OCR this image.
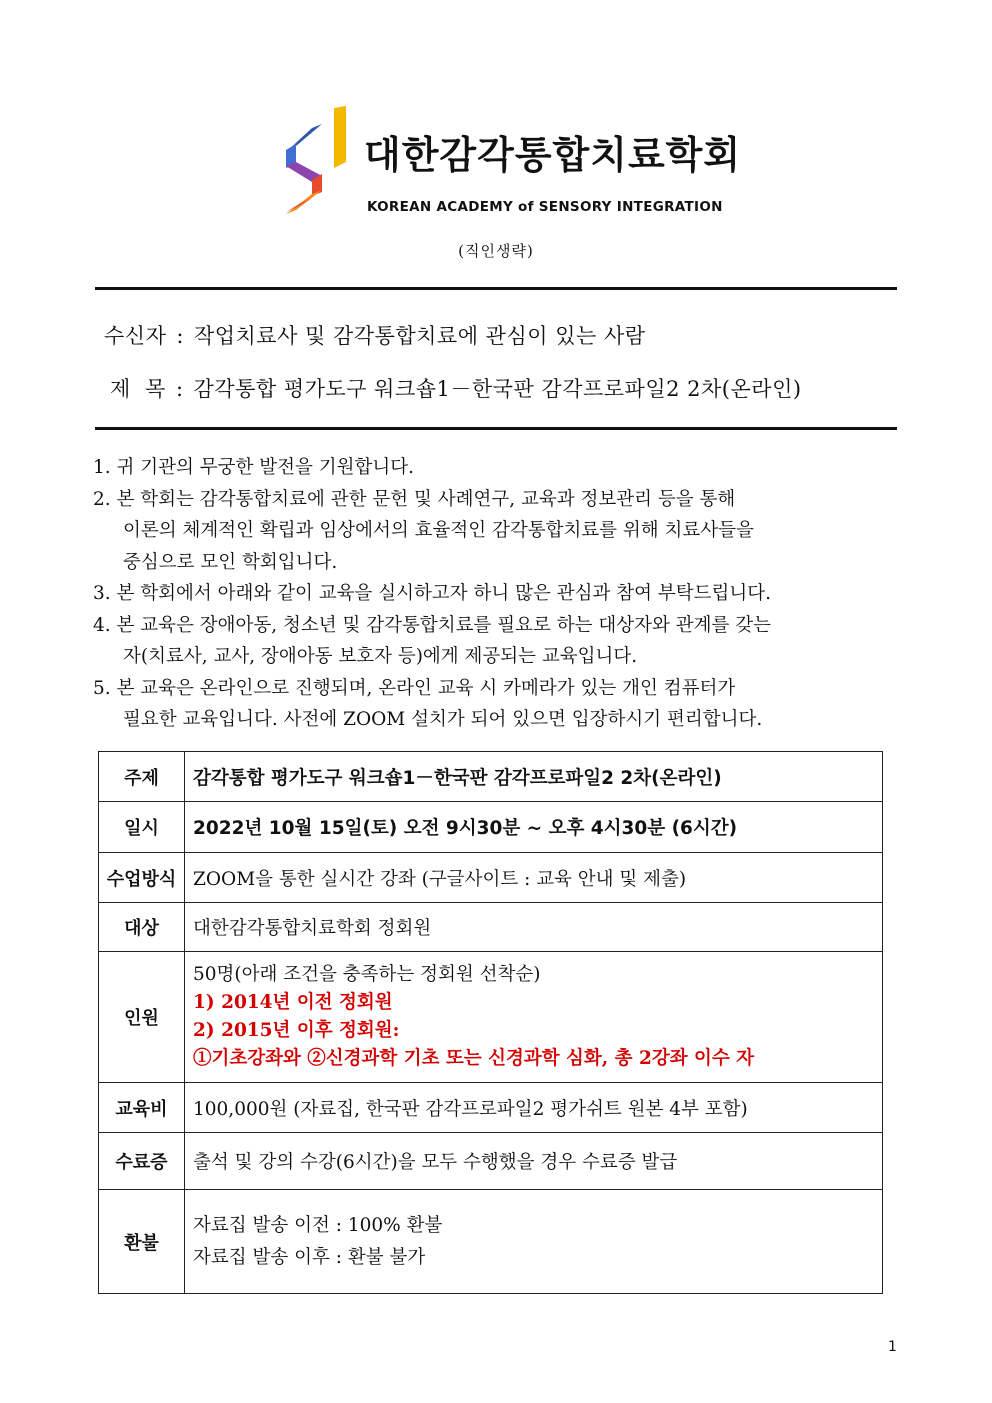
대한감각통합치료학회
KOREAN ACADEMY of SENSORY INTEGRATION
(직인생략)
수신자 : 작업치료사 및 감각통합치료에 관심이 있는 사람
제  목 : 감각통합 평가도구 워크숍1－한국판 감각프로파일2 2차(온라인)
1. 귀 기관의 무궁한 발전을 기원합니다.
2. 본 학회는 감각통합치료에 관한 문헌 및 사례연구, 교육과 정보관리 등을 통해
이론의 체계적인 확립과 임상에서의 효율적인 감각통합치료를 위해 치료사들을
중심으로 모인 학회입니다.
3. 본 학회에서 아래와 같이 교육을 실시하고자 하니 많은 관심과 참여 부탁드립니다.
4. 본 교육은 장애아동, 청소년 및 감각통합치료를 필요로 하는 대상자와 관계를 갖는
자(치료사, 교사, 장애아동 보호자 등)에게 제공되는 교육입니다.
5. 본 교육은 온라인으로 진행되며, 온라인 교육 시 카메라가 있는 개인 컴퓨터가
필요한 교육입니다. 사전에 ZOOM 설치가 되어 있으면 입장하시기 편리합니다.
주제	감각통합 평가도구 워크숍1－한국판 감각프로파일2 2차(온라인)
일시	2022년 10월 15일(토) 오전 9시30분 ~ 오후 4시30분 (6시간)
수업방식	ZOOM을 통한 실시간 강좌 (구글사이트 : 교육 안내 및 제출)
대상	대한감각통합치료학회 정회원
인원	50명(아래 조건을 충족하는 정회원 선착순)
1) 2014년 이전 정회원
2) 2015년 이후 정회원:
①기초강좌와 ②신경과학 기초 또는 신경과학 심화, 총 2강좌 이수 자

교육비	100,000원 (자료집, 한국판 감각프로파일2 평가쉬트 원본 4부 포함)
수료증	출석 및 강의 수강(6시간)을 모두 수행했을 경우 수료증 발급
환불	자료집 발송 이전 : 100% 환불
자료집 발송 이후 : 환불 불가
1
